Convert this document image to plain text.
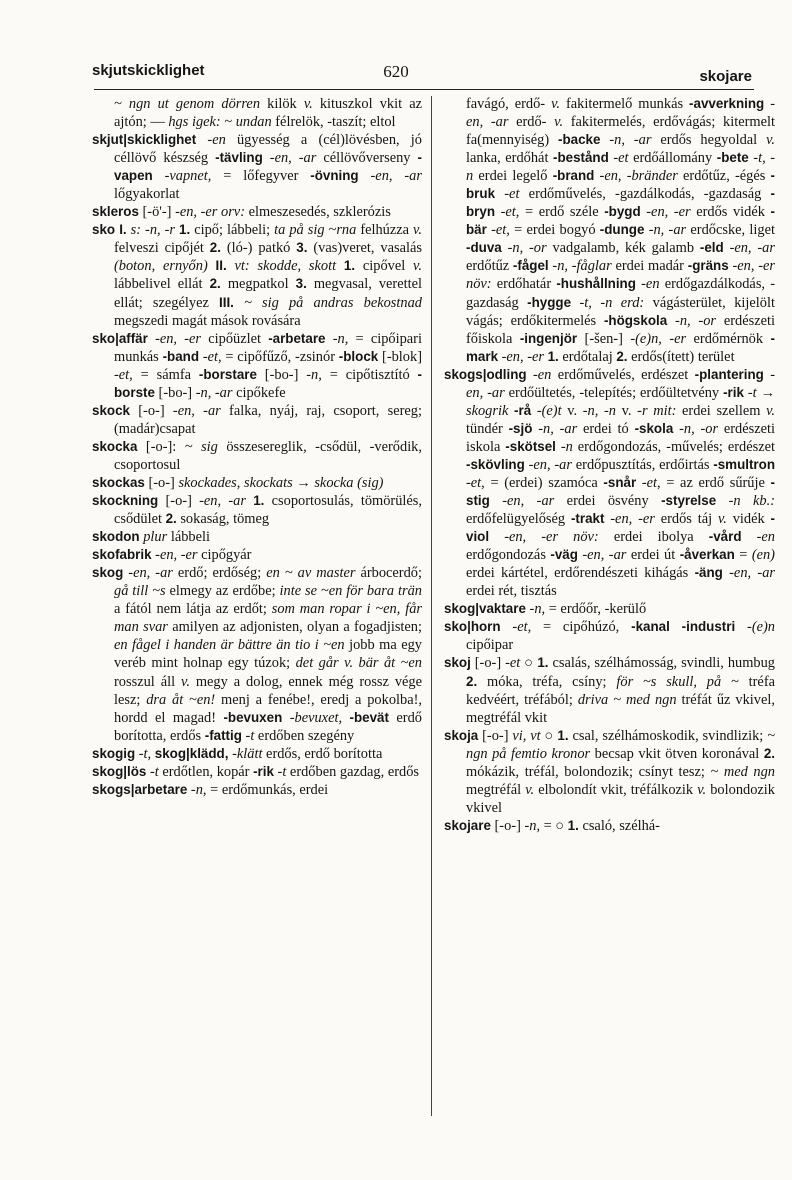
skjutskicklighet	620	skojare
~ ngn ut genom dörren kilök v. kituszkol vkit az ajtón; — hgs igek: ~ undan félrelök, -taszít; eltol
skjut|skicklighet -en ügyesség a (cél)lövésben, jó céllövő készség -tävling -en, -ar céllövőverseny -vapen -vapnet, = lőfegyver -övning -en, -ar lőgyakorlat
skleros [-ö'-] -en, -er orv: elmeszesedés, szklerózis
sko I. s: -n, -r 1. cipő; lábbeli; ta på sig ~rna felhúzza v. felveszi cipőjét 2. (ló-) patkó 3. (vas)veret, vasalás (boton, ernyőn) II. vt: skodde, skott 1. cipővel v. lábbelivel ellát 2. megpatkol 3. megvasal, verettel ellát; szegélyez III. ~ sig på andras bekostnad megszedi magát mások rovására
sko|affär -en, -er cipőüzlet -arbetare -n, = cipőipari munkás -band -et, = cipőfűző, -zsinór -block [-blok] -et, = sámfa -borstare [-bo-] -n, = cipőtisztító -borste [-bo-] -n, -ar cipőkefe
skock [-o-] -en, -ar falka, nyáj, raj, csoport, sereg; (madár)csapat
skocka [-o-]: ~ sig összesereglik, -csődül, -verődik, csoportosul
skockas [-o-] skockades, skockats → skocka (sig)
skockning [-o-] -en, -ar 1. csoportosulás, tömörülés, csődület 2. sokaság, tömeg
skodon plur lábbeli
skofabrik -en, -er cipőgyár
skog -en, -ar erdő; erdőség; en ~ av master árbocerdő; gå till ~s elmegy az erdőbe; inte se ~en för bara trän a fától nem látja az erdőt; som man ropar i ~en, får man svar amilyen az adjonisten, olyan a fogadjisten; en fågel i handen är bättre än tio i ~en jobb ma egy veréb mint holnap egy túzok; det går v. bär åt ~en rosszul áll v. megy a dolog, ennek még rossz vége lesz; dra åt ~en! menj a fenébe!, eredj a pokolba!, hordd el magad! -bevuxen -bevuxet, -bevät erdő borította, erdős -fattig -t erdőben szegény
skogig -t, skog|klädd, -klätt erdős, erdő borította
skog|lös -t erdőtlen, kopár -rik -t erdőben gazdag, erdős
skogs|arbetare -n, = erdőmunkás, erdei
favágó, erdő- v. fakitermelő munkás -avverkning -en, -ar erdő- v. fakitermelés, erdővágás; kitermelt fa(mennyiség) -backe -n, -ar erdős hegyoldal v. lanka, erdőhát -bestånd -et erdőállomány -bete -t, -n erdei legelő -brand -en, -bränder erdőtűz, -égés -bruk -et erdőművelés, -gazdálkodás, -gazdaság -bryn -et, = erdő széle -bygd -en, -er erdős vidék -bär -et, = erdei bogyó -dunge -n, -ar erdőcske, liget -duva -n, -or vadgalamb, kék galamb -eld -en, -ar erdőtűz -fågel -n, -fåglar erdei madár -gräns -en, -er növ: erdőhatár -hushållning -en erdőgazdálkodás, -gazdaság -hygge -t, -n erd: vágásterület, kijelölt vágás; erdőkitermelés -högskola -n, -or erdészeti főiskola -ingenjör [-šen-] -(e)n, -er erdőmérnök -mark -en, -er 1. erdőtalaj 2. erdős(ített) terület
skogs|odling -en erdőművelés, erdészet -plantering -en, -ar erdőültetés, -telepítés; erdőültetvény -rik -t → skogrik -rå -(e)t v. -n, -n v. -r mit: erdei szellem v. tündér -sjö -n, -ar erdei tó -skola -n, -or erdészeti iskola -skötsel -n erdőgondozás, -művelés; erdészet -skövling -en, -ar erdőpusztítás, erdőirtás -smultron -et, = (erdei) szamóca -snår -et, = az erdő sűrűje -stig -en, -ar erdei ösvény -styrelse -n kb.: erdőfelügyelőség -trakt -en, -er erdős táj v. vidék -viol -en, -er növ: erdei ibolya -vård -en erdőgondozás -väg -en, -ar erdei út -åverkan = (en) erdei kártétel, erdőrendészeti kihágás -äng -en, -ar erdei rét, tisztás
skog|vaktare -n, = erdőőr, -kerülő
sko|horn -et, = cipőhúzó, -kanal -industri -(e)n cipőipar
skoj [-o-] -et ○ 1. csalás, szélhámosság, svindli, humbug 2. móka, tréfa, csíny; för ~s skull, på ~ tréfa kedvéért, tréfából; driva ~ med ngn tréfát űz vkivel, megtréfál vkit
skoja [-o-] vi, vt ○ 1. csal, szélhámoskodik, svindlizik; ~ ngn på femtio kronor becsap vkit ötven koronával 2. mókázik, tréfál, bolondozik; csínyt tesz; ~ med ngn megtréfál v. elbolondít vkit, tréfálkozik v. bolondozik vkivel
skojare [-o-] -n, = ○ 1. csaló, szélhá-
